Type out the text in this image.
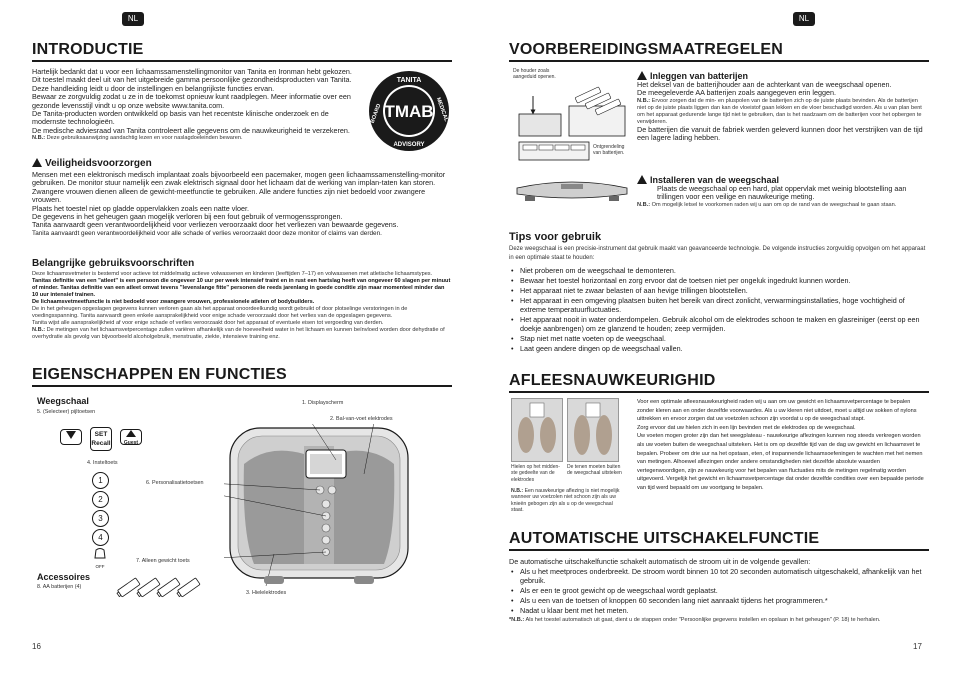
NL
INTRODUCTIE
Hartelijk bedankt dat u voor een lichaamssamenstellingmonitor van Tanita en Ironman hebt gekozen.
Dit toestel maakt deel uit van het uitgebreide gamma persoonlijke gezondheidsproducten van Tanita.
Deze handleiding leidt u door de instellingen en belangrijkste functies ervan.
Bewaar ze zorgvuldig zodat u ze in de toekomst opnieuw kunt raadplegen. Meer informatie over een gezonde levensstijl vindt u op onze website www.tanita.com.
De Tanita-producten worden ontwikkeld op basis van het recentste klinische onderzoek en de modernste technologieën.
De medische adviesraad van Tanita controleert alle gegevens om de nauwkeurigheid te verzekeren.
N.B.: Deze gebruiksaanwijzing aandachtig lezen en voor naslagdoeleinden bewaren.
TMAB
TANITA
ADVISORY
BOARD	MEDICAL
Veiligheidsvoorzorgen
Mensen met een elektronisch medisch implantaat zoals bijvoorbeeld een pacemaker, mogen geen lichaamssamenstelling-monitor gebruiken. De monitor stuur namelijk een zwak elektrisch signaal door het lichaam dat de werking van implan-taten kan storen.
Zwangere vrouwen dienen alleen de gewicht-meetfunctie te gebruiken. Alle andere functies zijn niet bedoeld voor zwangere vrouwen.
Plaats het toestel niet op gladde oppervlakken zoals een natte vloer.
De gegevens in het geheugen gaan mogelijk verloren bij een fout gebruik of vermogenssprongen.
Tanita aanvaardt geen verantwoordelijkheid voor verliezen veroorzaakt door het verliezen van bewaarde gegevens.
Tanita aanvaardt geen verantwoordelijkheid voor alle schade of verlies veroorzaakt door deze monitor of claims van derden.
Belangrijke gebruiksvoorschriften
Deze lichaamsvetmeter is bestemd voor actieve tot middelmatig actieve volwassenen en kinderen (leeftijden 7–17) en volwassenen met atletische lichaamstypes.
Tanitas definitie van een "atleet" is een persoon die ongeveer 10 uur per week intensief traint en in rust een hartslag heeft van ongeveer 60 slagen per minuut of minder. Tanitas definitie van een atleet omvat tevens "levenslange fitte" personen die reeds jarenlang in goede conditie zijn maar momenteel minder dan 10 uur intensief trainen.
De lichaamsvetmeetfunctie is niet bedoeld voor zwangere vrouwen, professionele atleten of bodybuilders.
De in het geheugen opgeslagen gegevens kunnen verloren gaan als het apparaat onoordeelkundig wordt gebruikt of door plotselinge verstoringen in de voedingsspanning. Tanita aanvaardt geen enkele aansprakelijkheid voor enige schade veroorzaakt door het verlies van de opgeslagen gegevens.
Tanita wijst alle aansprakelijkheid af voor enige schade of verlies veroorzaakt door het apparaat of eventuele eisen tot vergoeding van derden.
N.B.: De metingen van het lichaamsvetpercentage zullen variëren afhankelijk van de hoeveelheid water in het lichaam en kunnen beïnvloed worden door dehydratie of overhydratie als gevolg van bijvoorbeeld alcoholgebruik, menstruatie, ziekte, intensieve training enz.
EIGENSCHAPPEN EN FUNCTIES
Weegschaal
5. (Selecteer) pijltoetsen
SET
Recall	Guest
4. Insteltoets
1
2
3
4
OFF
6. Personalisatietoetsen
7. Alleen gewicht toets
Accessoires
8. AA batterijen (4)
1. Displayscherm
2. Bal-van-voet elektrodes
3. Hielelektrodes
16
NL
VOORBEREIDINGSMAATREGELEN
De houder zoals aangeduid openen.
Ontgrendeling van batterijen.
Inleggen van batterijen
Het deksel van de batterijhouder aan de achterkant van de weegschaal openen.
De meegeleverde AA batterijen zoals aangegeven erin leggen.
N.B.: Ervoor zorgen dat de min- en pluspolen van de batterijen zich op de juiste plaats bevinden. Als de batterijen niet op de juiste plaats liggen dan kan de vloeistof gaan lekken en de vloer beschadigd worden. Als u van plan bent om het apparaat gedurende lange tijd niet te gebruiken, dan is het raadzaam om de batterijen voor het opbergen te verwijderen.
De batterijen die vanuit de fabriek werden geleverd kunnen door het verstrijken van de tijd een lagere lading hebben.
Installeren van de weegschaal
Plaats de weegschaal op een hard, plat oppervlak met weinig blootstelling aan trillingen voor een veilige en nauwkeurige meting.
N.B.: Om mogelijk letsel te voorkomen raden wij u aan om op de rand van de weegschaal te gaan staan.
Tips voor gebruik
Deze weegschaal is een precisie-instrument dat gebruik maakt van geavanceerde technologie. De volgende instructies zorgvuldig opvolgen om het apparaat in een optimale staat te houden:
• Niet proberen om de weegschaal te demonteren.
• Bewaar het toestel horizontaal en zorg ervoor dat de toetsen niet per ongeluk ingedrukt kunnen worden.
• Het apparaat niet te zwaar belasten of aan hevige trillingen blootstellen.
• Het apparaat in een omgeving plaatsen buiten het bereik van direct zonlicht, verwarmingsinstallaties, hoge vochtigheid of extreme temperatuurfluctuaties.
• Het apparaat nooit in water onderdompelen. Gebruik alcohol om de elektrodes schoon te maken en glasreiniger (eerst op een doekje aanbrengen) om ze glanzend te houden; zeep vermijden.
• Stap niet met natte voeten op de weegschaal.
• Laat geen andere dingen op de weegschaal vallen.
AFLEESNAUWKEURIGHID
Hielen op het midden-ste gedeelte van de elektrodes
De tenen moeten buiten de weegschaal uitsteken
N.B.: Een nauwkeurige aflezing is niet mogelijk wanneer uw voetzolen niet schoon zijn als uw knieën gebogen zijn als u op de weegschaal staat.
Voor een optimale afleesnauwkeurigheid raden wij u aan om uw gewicht en lichaamsvetpercentage te bepalen zonder kleren aan en onder dezelfde voorwaardes. Als u uw kleren niet uitdoet, moet u altijd uw sokken of nylons uittrekken en ervoor zorgen dat uw voetzolen schoon zijn voordat u op de weegschaal stapt.
Zorg ervoor dat uw hielen zich in een lijn bevinden met de elektrodes op de weegschaal.
Uw voeten mogen groter zijn dan het weegplateau - nauwkeurige aflezingen kunnen nog steeds verkregen worden als uw voeten buiten de weegschaal uitsteken. Het is om op dezelfde tijd van de dag uw gewicht en lichaamsvet te bepalen. Probeer om drie uur na het opstaan, eten, of inspannende lichaamsoefeningen te wachten met het nemen van metingen. Alhoewel aflezingen onder andere omstandigheden niet dezelfde absolute waarden vertegenwoordigen, zijn ze nauwkeurig voor het bepalen van fluctuaties mits de metingen regelmatig worden uitgevoerd. Vergelijk het gewicht en lichaamsvetpercentage dat onder dezelfde condities over een bepaalde periode van tijd werd bepaald om uw voortgang te bepalen.
AUTOMATISCHE UITSCHAKELFUNCTIE
De automatische uitschakelfunctie schakelt automatisch de stroom uit in de volgende gevallen:
• Als u het meetproces onderbreekt. De stroom wordt binnen 10 tot 20 seconden automatisch uitgeschakeld, afhankelijk van het gebruik.
• Als er een te groot gewicht op de weegschaal wordt geplaatst.
• Als u een van de toetsen of knoppen 60 seconden lang niet aanraakt tijdens het programmeren.*
• Nadat u klaar bent met het meten.
*N.B.: Als het toestel automatisch uit gaat, dient u de stappen onder "Persoonlijke gegevens instellen en opslaan in het geheugen" (P. 18) te herhalen.
17
